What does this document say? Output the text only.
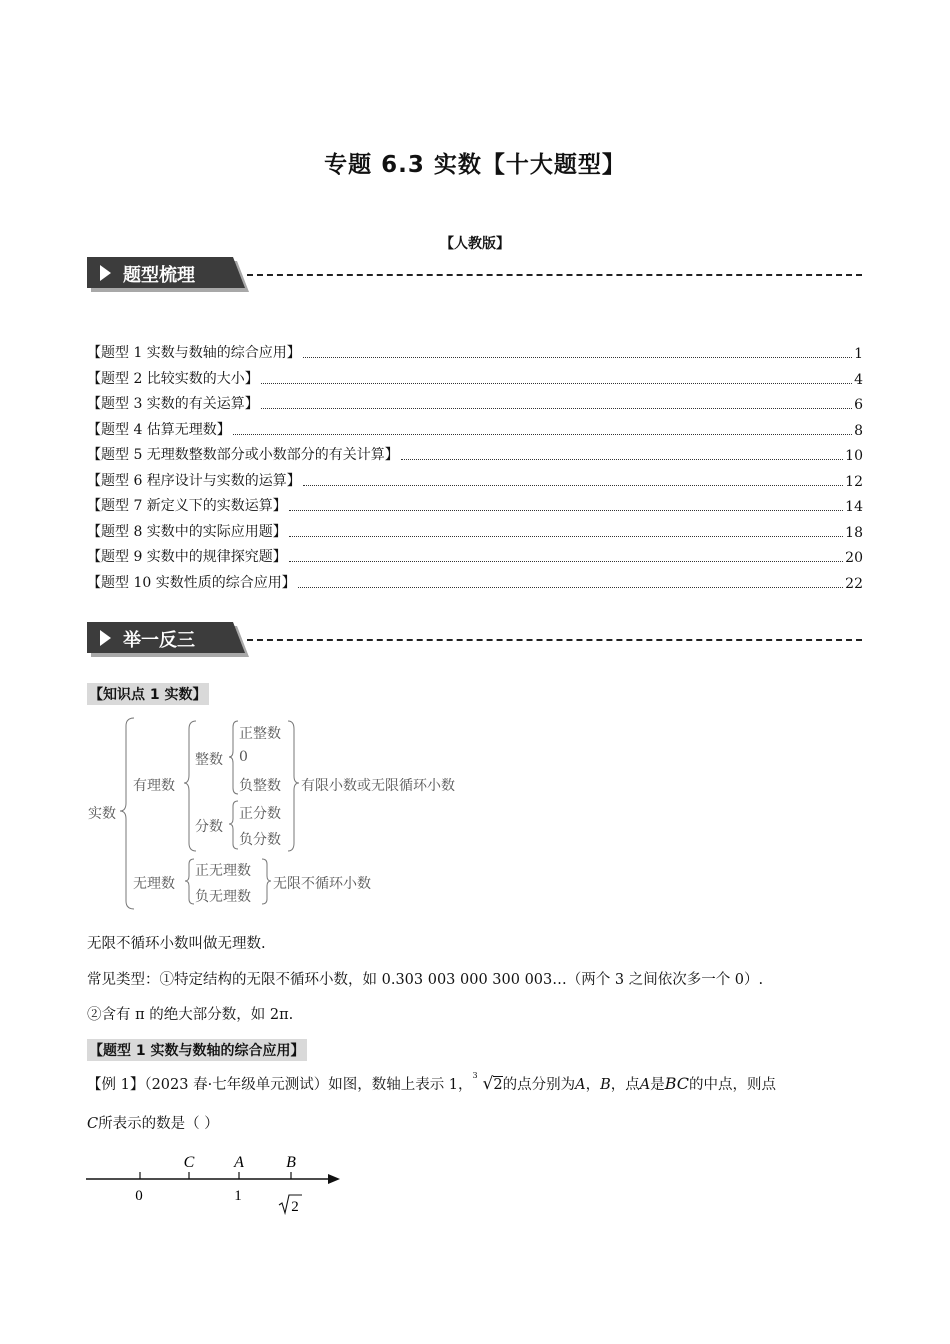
专题 6.3 实数【十大题型】
【人教版】
题型梳理
【题型 1 实数与数轴的综合应用】	1
【题型 2 比较实数的大小】	4
【题型 3 实数的有关运算】	6
【题型 4 估算无理数】	8
【题型 5 无理数整数部分或小数部分的有关计算】	10
【题型 6 程序设计与实数的运算】	12
【题型 7 新定义下的实数运算】	14
【题型 8 实数中的实际应用题】	18
【题型 9 实数中的规律探究题】	20
【题型 10 实数性质的综合应用】	22
举一反三
【知识点 1 实数】
实数
有理数
整数
正整数
0
负整数
分数
正分数
负分数
有限小数或无限循环小数
无理数
正无理数
负无理数
无限不循环小数
无限不循环小数叫做无理数.
常见类型：①特定结构的无限不循环小数，如 0.303 003 000 300 003…（两个 3 之间依次多一个 0）.
②含有 π 的绝大部分数，如 2π.
【题型 1 实数与数轴的综合应用】
【例 1】（2023 春·七年级单元测试）如图，数轴上表示 1，
3 √2的点分别为A，B，点A是BC的中点，则点
C所表示的数是（ ）
C A	B
0	1
2
